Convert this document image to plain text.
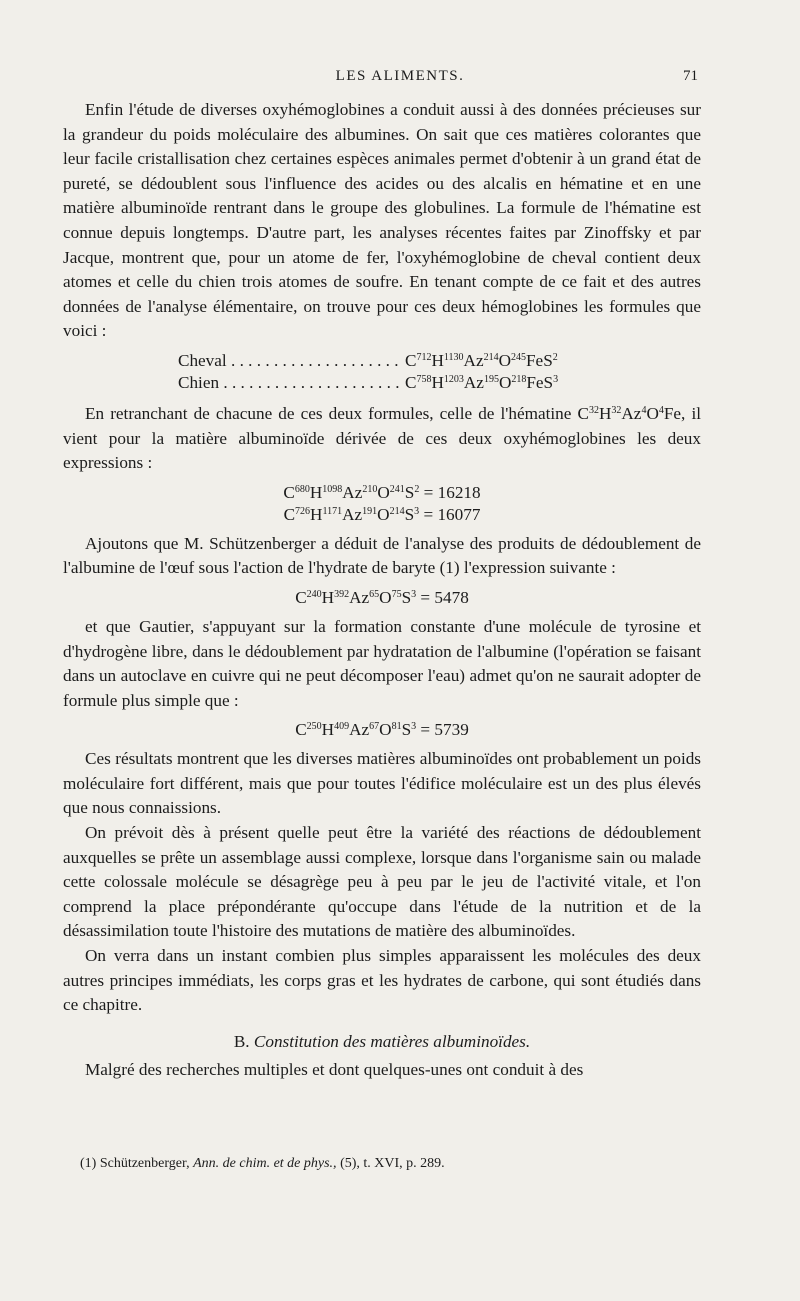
LES ALIMENTS.	71

Enfin l'étude de diverses oxyhémoglobines a conduit aussi à des données précieuses sur la grandeur du poids moléculaire des albumines. On sait que ces matières colorantes que leur facile cristallisation chez certaines espèces animales permet d'obtenir à un grand état de pureté, se dédoublent sous l'influence des acides ou des alcalis en hématine et en une matière albuminoïde rentrant dans le groupe des globulines. La formule de l'hématine est connue depuis longtemps. D'autre part, les analyses récentes faites par Zinoffsky et par Jacque, montrent que, pour un atome de fer, l'oxyhémoglobine de cheval contient deux atomes et celle du chien trois atomes de soufre. En tenant compte de ce fait et des autres données de l'analyse élémentaire, on trouve pour ces deux hémoglobines les formules que voici :

Cheval . . .	$C^{712}H^{1130}Az^{214}O^{245}FeS^2$
Chien . . .	$C^{758}H^{1203}Az^{195}O^{218}FeS^3$

En retranchant de chacune de ces deux formules, celle de l'hématine $C^{32}H^{32}Az^4O^4Fe$, il vient pour la matière albuminoïde dérivée de ces deux oxyhémoglobines les deux expressions :

$C^{680}H^{1098}Az^{210}O^{241}S^2 = 16218$
$C^{726}H^{1171}Az^{191}O^{214}S^3 = 16077$

Ajoutons que M. Schützenberger a déduit de l'analyse des produits de dédoublement de l'albumine de l'œuf sous l'action de l'hydrate de baryte (1) l'expression suivante :

$C^{240}H^{392}Az^{65}O^{75}S^3 = 5478$

et que Gautier, s'appuyant sur la formation constante d'une molécule de tyrosine et d'hydrogène libre, dans le dédoublement par hydratation de l'albumine (l'opération se faisant dans un autoclave en cuivre qui ne peut décomposer l'eau) admet qu'on ne saurait adopter de formule plus simple que :

$C^{250}H^{409}Az^{67}O^{81}S^3 = 5739$

Ces résultats montrent que les diverses matières albuminoïdes ont probablement un poids moléculaire fort différent, mais que pour toutes l'édifice moléculaire est un des plus élevés que nous connaissions.

On prévoit dès à présent quelle peut être la variété des réactions de dédoublement auxquelles se prête un assemblage aussi complexe, lorsque dans l'organisme sain ou malade cette colossale molécule se désagrège peu à peu par le jeu de l'activité vitale, et l'on comprend la place prépondérante qu'occupe dans l'étude de la nutrition et de la désassimilation toute l'histoire des mutations de matière des albuminoïdes.

On verra dans un instant combien plus simples apparaissent les molécules des deux autres principes immédiats, les corps gras et les hydrates de carbone, qui sont étudiés dans ce chapitre.

B. Constitution des matières albuminoïdes.

Malgré des recherches multiples et dont quelques-unes ont conduit à des

(1) Schützenberger, Ann. de chim. et de phys., (5), t. XVI, p. 289.
